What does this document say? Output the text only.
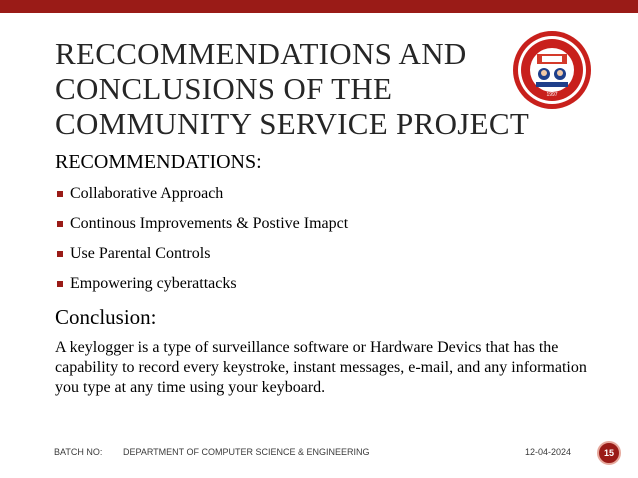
RECCOMMENDATIONS AND
CONCLUSIONS OF THE
COMMUNITY SERVICE PROJECT
1997
RECOMMENDATIONS:
Collaborative Approach
Continous Improvements & Postive Imapct
Use Parental Controls
Empowering cyberattacks
Conclusion:

A keylogger is a type of surveillance software or Hardware Devics that has the capability to record every keystroke, instant messages, e-mail, and any information you type at any time using your keyboard.

BATCH NO: DEPARTMENT OF COMPUTER SCIENCE & ENGINEERING	12-04-2024	15
